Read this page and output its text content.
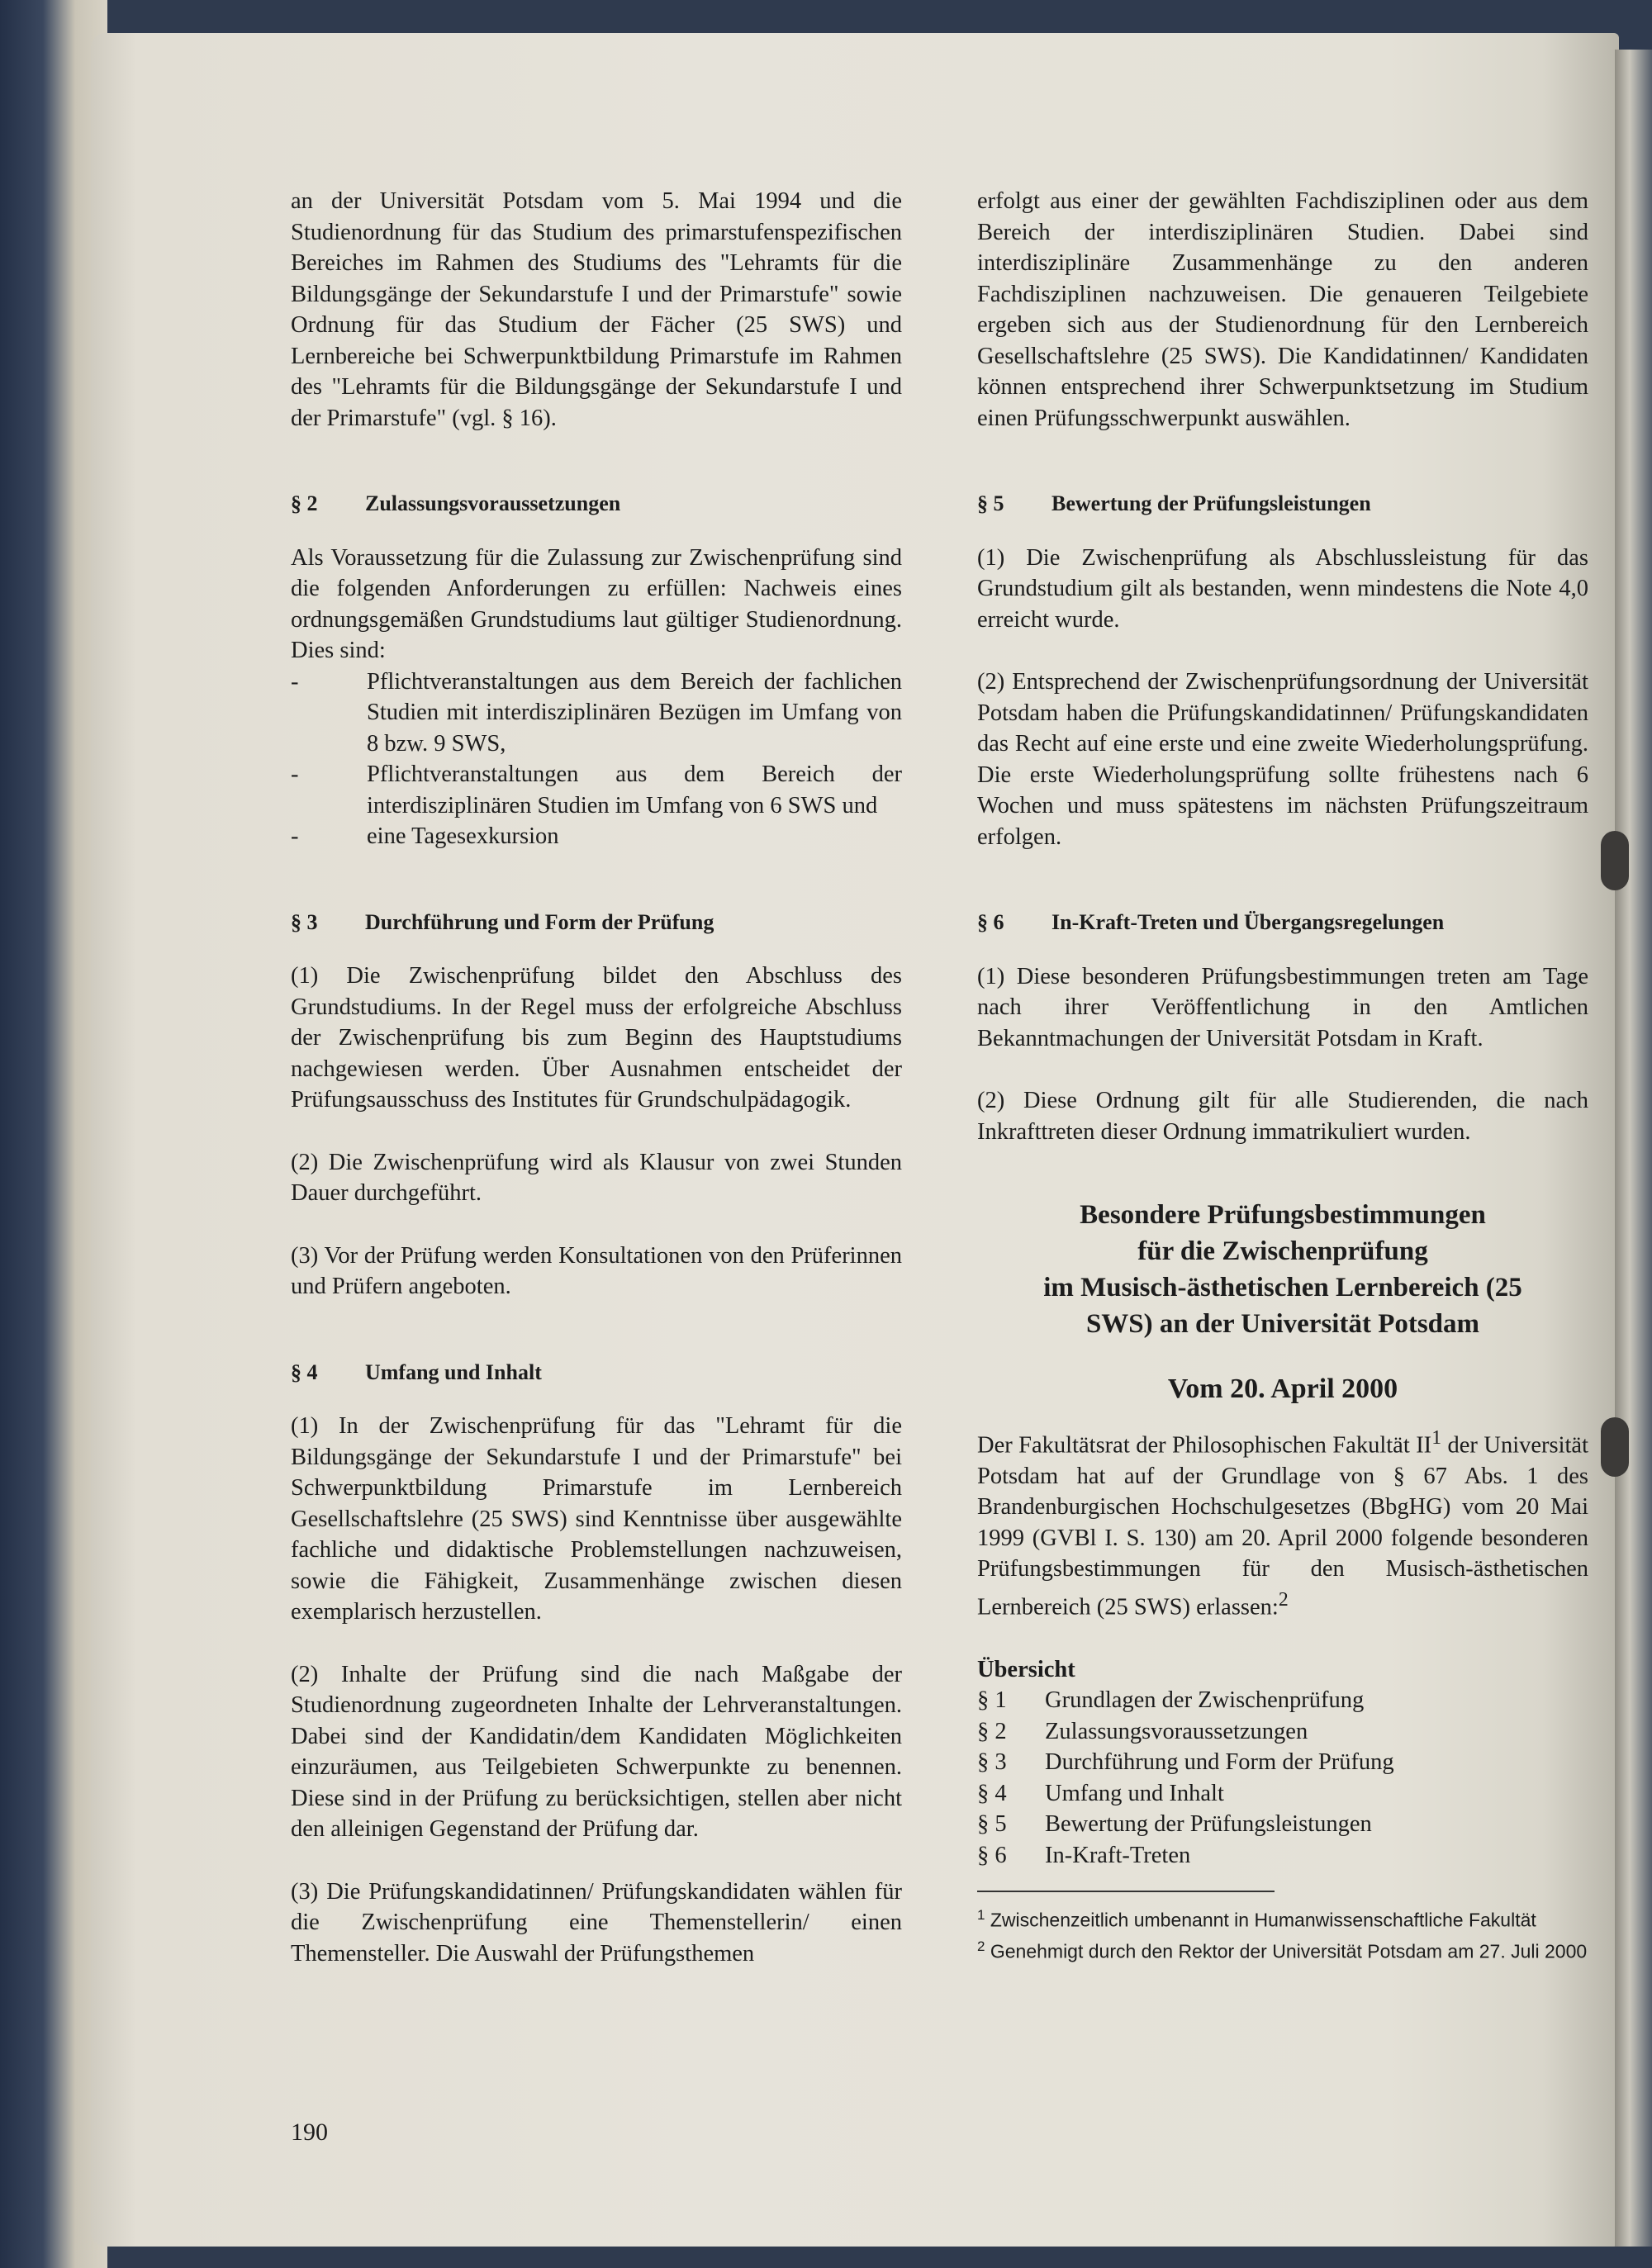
an der Universität Potsdam vom 5. Mai 1994 und die Studienordnung für das Studium des primarstufenspezifischen Bereiches im Rahmen des Studiums des "Lehramts für die Bildungsgänge der Sekundarstufe I und der Primarstufe" sowie Ordnung für das Studium der Fächer (25 SWS) und Lernbereiche bei Schwerpunktbildung Primarstufe im Rahmen des "Lehramts für die Bildungsgänge der Sekundarstufe I und der Primarstufe" (vgl. § 16).

§ 2	Zulassungsvoraussetzungen

Als Voraussetzung für die Zulassung zur Zwischenprüfung sind die folgenden Anforderungen zu erfüllen: Nachweis eines ordnungsgemäßen Grundstudiums laut gültiger Studienordnung. Dies sind:

-	Pflichtveranstaltungen aus dem Bereich der fachlichen Studien mit interdisziplinären Bezügen im Umfang von 8 bzw. 9 SWS,
-	Pflichtveranstaltungen aus dem Bereich der interdisziplinären Studien im Umfang von 6 SWS und
-	eine Tagesexkursion
§ 3	Durchführung und Form der Prüfung

(1) Die Zwischenprüfung bildet den Abschluss des Grundstudiums. In der Regel muss der erfolgreiche Abschluss der Zwischenprüfung bis zum Beginn des Hauptstudiums nachgewiesen werden. Über Ausnahmen entscheidet der Prüfungsausschuss des Institutes für Grundschulpädagogik.

(2) Die Zwischenprüfung wird als Klausur von zwei Stunden Dauer durchgeführt.

(3) Vor der Prüfung werden Konsultationen von den Prüferinnen und Prüfern angeboten.

§ 4	Umfang und Inhalt

(1) In der Zwischenprüfung für das "Lehramt für die Bildungsgänge der Sekundarstufe I und der Primarstufe" bei Schwerpunktbildung Primarstufe im Lernbereich Gesellschaftslehre (25 SWS) sind Kenntnisse über ausgewählte fachliche und didaktische Problemstellungen nachzuweisen, sowie die Fähigkeit, Zusammenhänge zwischen diesen exemplarisch herzustellen.

(2) Inhalte der Prüfung sind die nach Maßgabe der Studienordnung zugeordneten Inhalte der Lehrveranstaltungen. Dabei sind der Kandidatin/dem Kandidaten Möglichkeiten einzuräumen, aus Teilgebieten Schwerpunkte zu benennen. Diese sind in der Prüfung zu berücksichtigen, stellen aber nicht den alleinigen Gegenstand der Prüfung dar.

(3) Die Prüfungskandidatinnen/ Prüfungskandidaten wählen für die Zwischenprüfung eine Themenstellerin/ einen Themensteller. Die Auswahl der Prüfungsthemen

erfolgt aus einer der gewählten Fachdisziplinen oder aus dem Bereich der interdisziplinären Studien. Dabei sind interdisziplinäre Zusammenhänge zu den anderen Fachdisziplinen nachzuweisen. Die genaueren Teilgebiete ergeben sich aus der Studienordnung für den Lernbereich Gesellschaftslehre (25 SWS). Die Kandidatinnen/ Kandidaten können entsprechend ihrer Schwerpunktsetzung im Studium einen Prüfungsschwerpunkt auswählen.

§ 5	Bewertung der Prüfungsleistungen

(1) Die Zwischenprüfung als Abschlussleistung für das Grundstudium gilt als bestanden, wenn mindestens die Note 4,0 erreicht wurde.

(2) Entsprechend der Zwischenprüfungsordnung der Universität Potsdam haben die Prüfungskandidatinnen/ Prüfungskandidaten das Recht auf eine erste und eine zweite Wiederholungsprüfung. Die erste Wiederholungsprüfung sollte frühestens nach 6 Wochen und muss spätestens im nächsten Prüfungszeitraum erfolgen.

§ 6	In-Kraft-Treten und Übergangsregelungen

(1) Diese besonderen Prüfungsbestimmungen treten am Tage nach ihrer Veröffentlichung in den Amtlichen Bekanntmachungen der Universität Potsdam in Kraft.

(2) Diese Ordnung gilt für alle Studierenden, die nach Inkrafttreten dieser Ordnung immatrikuliert wurden.

Besondere Prüfungsbestimmungen
für die Zwischenprüfung
im Musisch-ästhetischen Lernbereich (25
SWS) an der Universität Potsdam

Vom 20. April 2000

Der Fakultätsrat der Philosophischen Fakultät $II^1$ der Universität Potsdam hat auf der Grundlage von § 67 Abs. 1 des Brandenburgischen Hochschulgesetzes (BbgHG) vom 20 Mai 1999 (GVBl I. S. 130) am 20. April 2000 folgende besonderen Prüfungsbestimmungen für den Musisch-ästhetischen Lernbereich (25 SWS) erlassen:$^2$

Übersicht
§ 1	Grundlagen der Zwischenprüfung
§ 2	Zulassungsvoraussetzungen
§ 3	Durchführung und Form der Prüfung
§ 4	Umfang und Inhalt
§ 5	Bewertung der Prüfungsleistungen
§ 6	In-Kraft-Treten
$^1$ Zwischenzeitlich umbenannt in Humanwissenschaftliche Fakultät
$^2$ Genehmigt durch den Rektor der Universität Potsdam am 27. Juli 2000
190
